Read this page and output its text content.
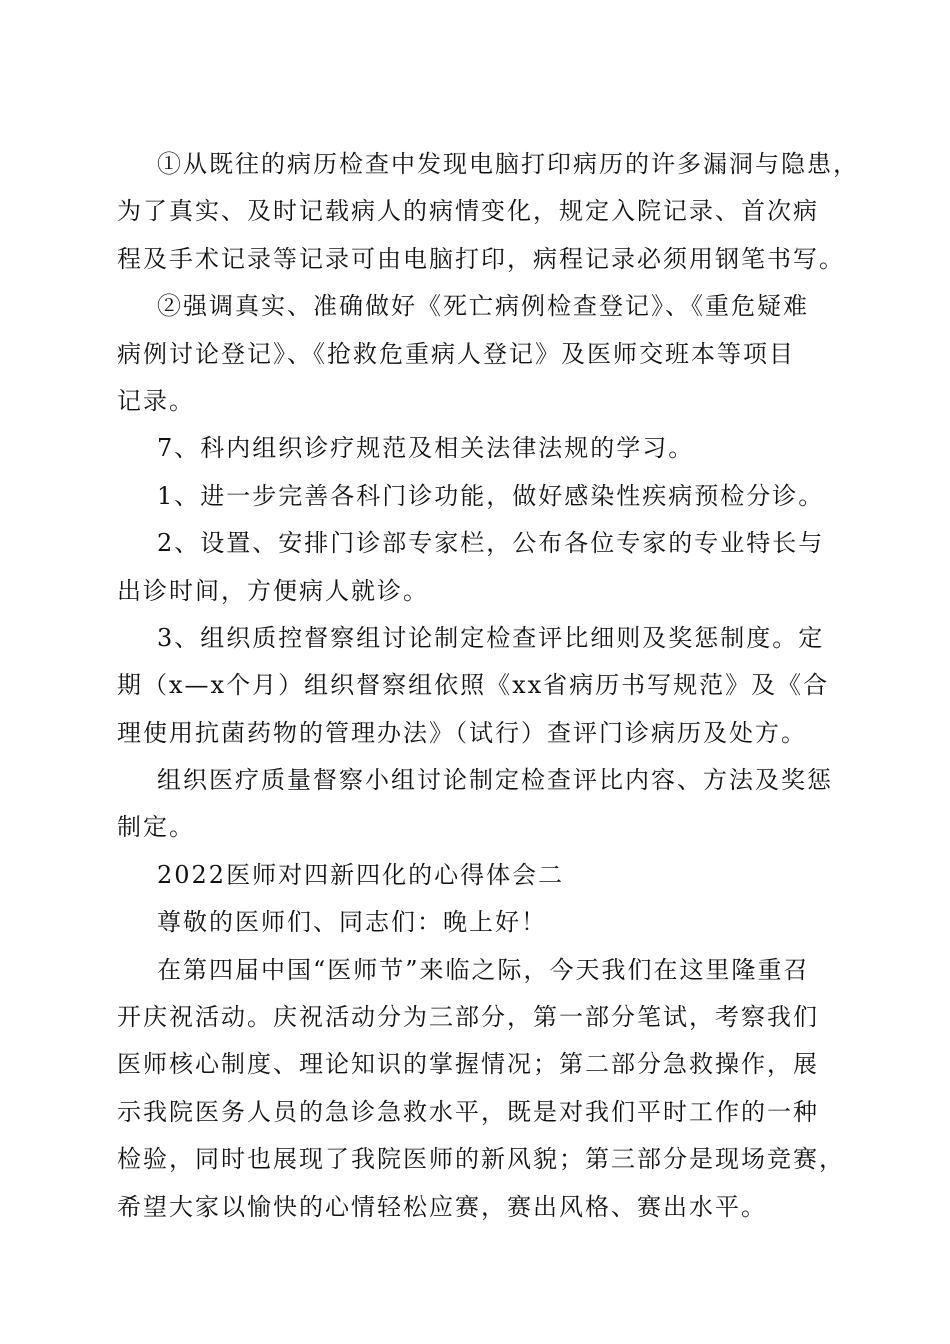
①从既往的病历检查中发现电脑打印病历的许多漏洞与隐患，
为了真实、及时记载病人的病情变化，规定入院记录、首次病
程及手术记录等记录可由电脑打印，病程记录必须用钢笔书写。
②强调真实、准确做好《死亡病例检查登记》、《重危疑难
病例讨论登记》、《抢救危重病人登记》及医师交班本等项目
记录。
7、科内组织诊疗规范及相关法律法规的学习。
1、进一步完善各科门诊功能，做好感染性疾病预检分诊。
2、设置、安排门诊部专家栏，公布各位专家的专业特长与
出诊时间，方便病人就诊。
3、组织质控督察组讨论制定检查评比细则及奖惩制度。定
期（x—x个月）组织督察组依照《xx省病历书写规范》及《合
理使用抗菌药物的管理办法》（试行）查评门诊病历及处方。
组织医疗质量督察小组讨论制定检查评比内容、方法及奖惩
制定。
2022医师对四新四化的心得体会二
尊敬的医师们、同志们：晚上好！
在第四届中国“医师节”来临之际，今天我们在这里隆重召
开庆祝活动。庆祝活动分为三部分，第一部分笔试，考察我们
医师核心制度、理论知识的掌握情况；第二部分急救操作，展
示我院医务人员的急诊急救水平，既是对我们平时工作的一种
检验，同时也展现了我院医师的新风貌；第三部分是现场竞赛，
希望大家以愉快的心情轻松应赛，赛出风格、赛出水平。
